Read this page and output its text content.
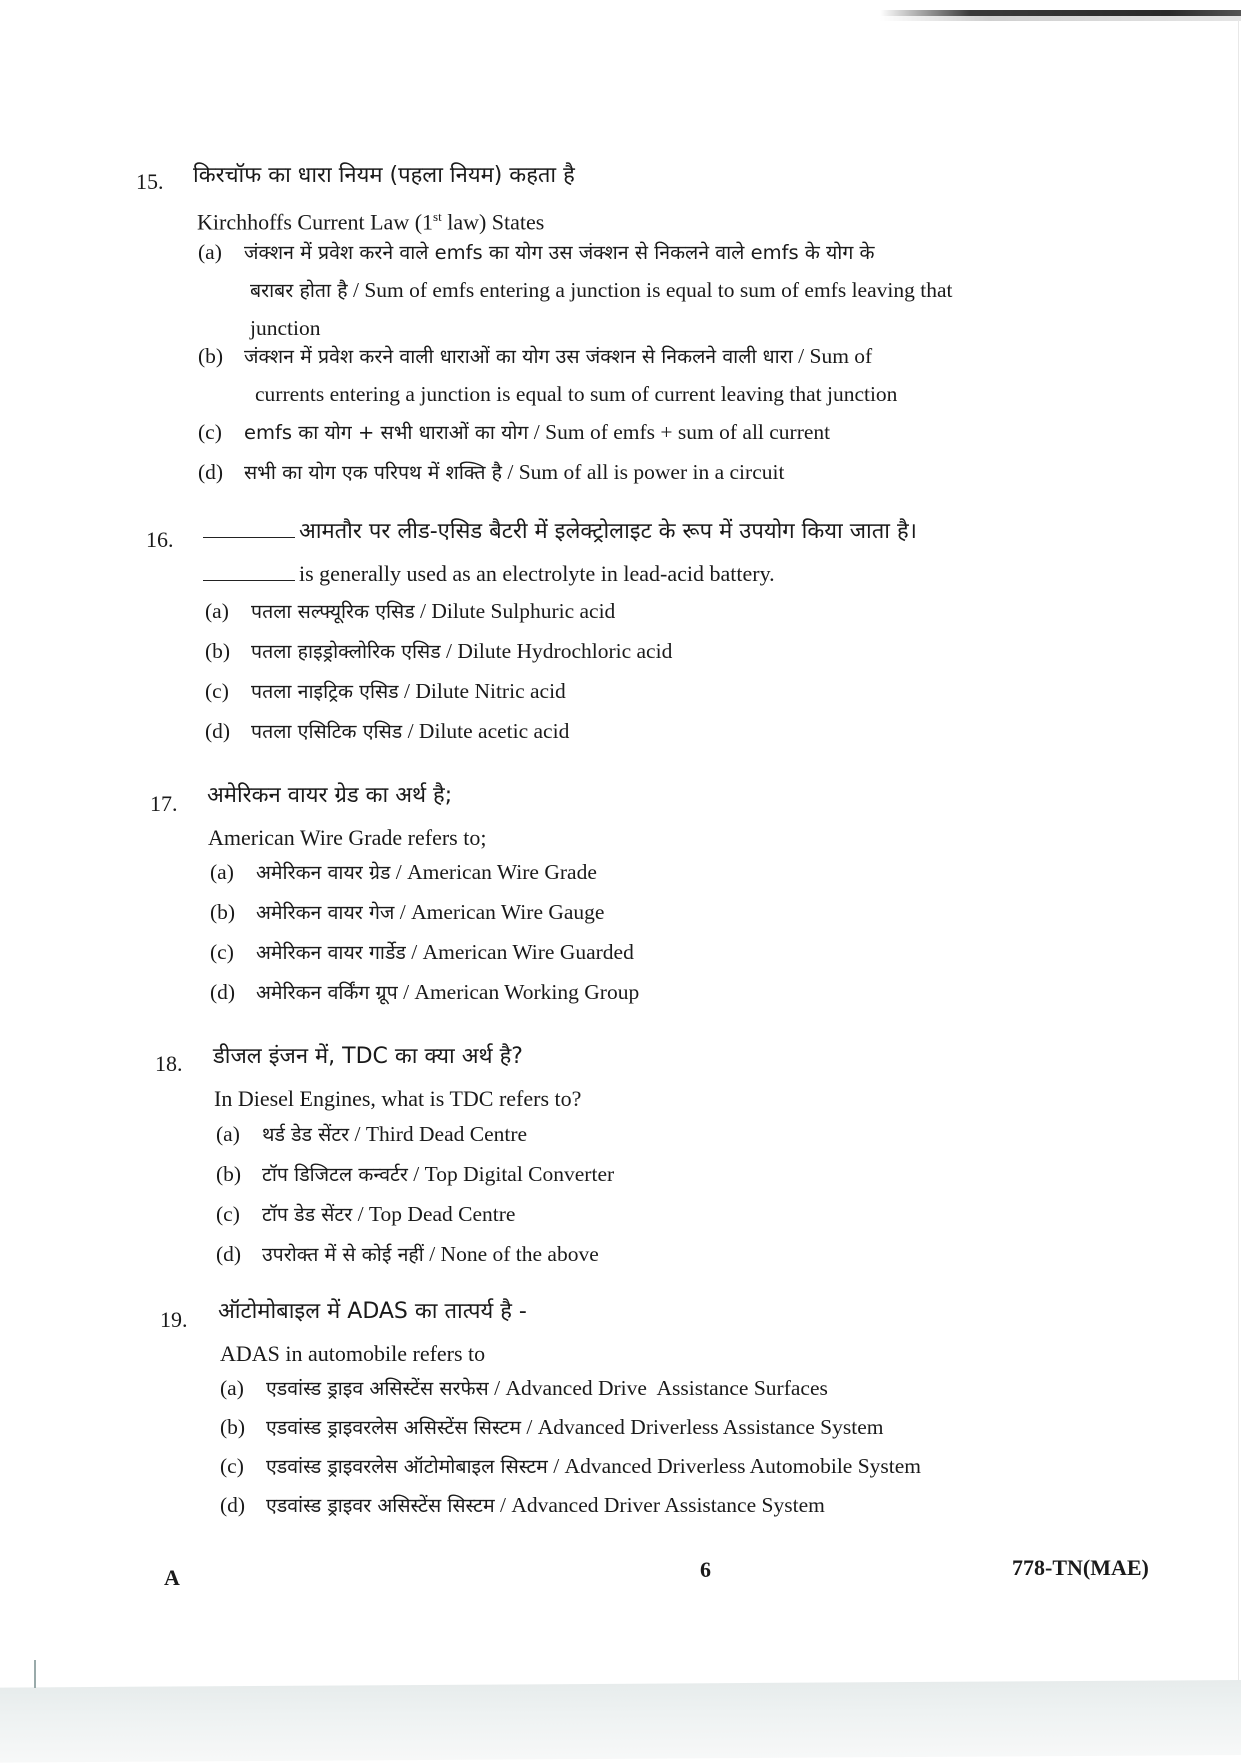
15. किरचॉफ का धारा नियम (पहला नियम) कहता है
Kirchhoffs Current Law (1st law) States
(a) जंक्शन में प्रवेश करने वाले emfs का योग उस जंक्शन से निकलने वाले emfs के योग के
बराबर होता है / Sum of emfs entering a junction is equal to sum of emfs leaving that
junction
(b) जंक्शन में प्रवेश करने वाली धाराओं का योग उस जंक्शन से निकलने वाली धारा / Sum of
currents entering a junction is equal to sum of current leaving that junction
(c) emfs का योग + सभी धाराओं का योग / Sum of emfs + sum of all current
(d) सभी का योग एक परिपथ में शक्ति है / Sum of all is power in a circuit
16.	आमतौर पर लीड-एसिड बैटरी में इलेक्ट्रोलाइट के रूप में उपयोग किया जाता है।
is generally used as an electrolyte in lead-acid battery.
(a) पतला सल्फ्यूरिक एसिड / Dilute Sulphuric acid
(b) पतला हाइड्रोक्लोरिक एसिड / Dilute Hydrochloric acid
(c) पतला नाइट्रिक एसिड / Dilute Nitric acid
(d) पतला एसिटिक एसिड / Dilute acetic acid
17. अमेरिकन वायर ग्रेड का अर्थ है;
American Wire Grade refers to;
(a) अमेरिकन वायर ग्रेड / American Wire Grade
(b) अमेरिकन वायर गेज / American Wire Gauge
(c) अमेरिकन वायर गार्डेड / American Wire Guarded
(d) अमेरिकन वर्किंग ग्रूप / American Working Group
18. डीजल इंजन में, TDC का क्या अर्थ है?
In Diesel Engines, what is TDC refers to?
(a) थर्ड डेड सेंटर / Third Dead Centre
(b) टॉप डिजिटल कन्वर्टर / Top Digital Converter
(c) टॉप डेड सेंटर / Top Dead Centre
(d) उपरोक्त में से कोई नहीं / None of the above
19. ऑटोमोबाइल में ADAS का तात्पर्य है -
ADAS in automobile refers to
(a) एडवांस्ड ड्राइव असिस्टेंस सरफेस / Advanced Drive  Assistance Surfaces
(b) एडवांस्ड ड्राइवरलेस असिस्टेंस सिस्टम / Advanced Driverless Assistance System
(c) एडवांस्ड ड्राइवरलेस ऑटोमोबाइल सिस्टम / Advanced Driverless Automobile System
(d) एडवांस्ड ड्राइवर असिस्टेंस सिस्टम / Advanced Driver Assistance System
A	6	778-TN(MAE)
